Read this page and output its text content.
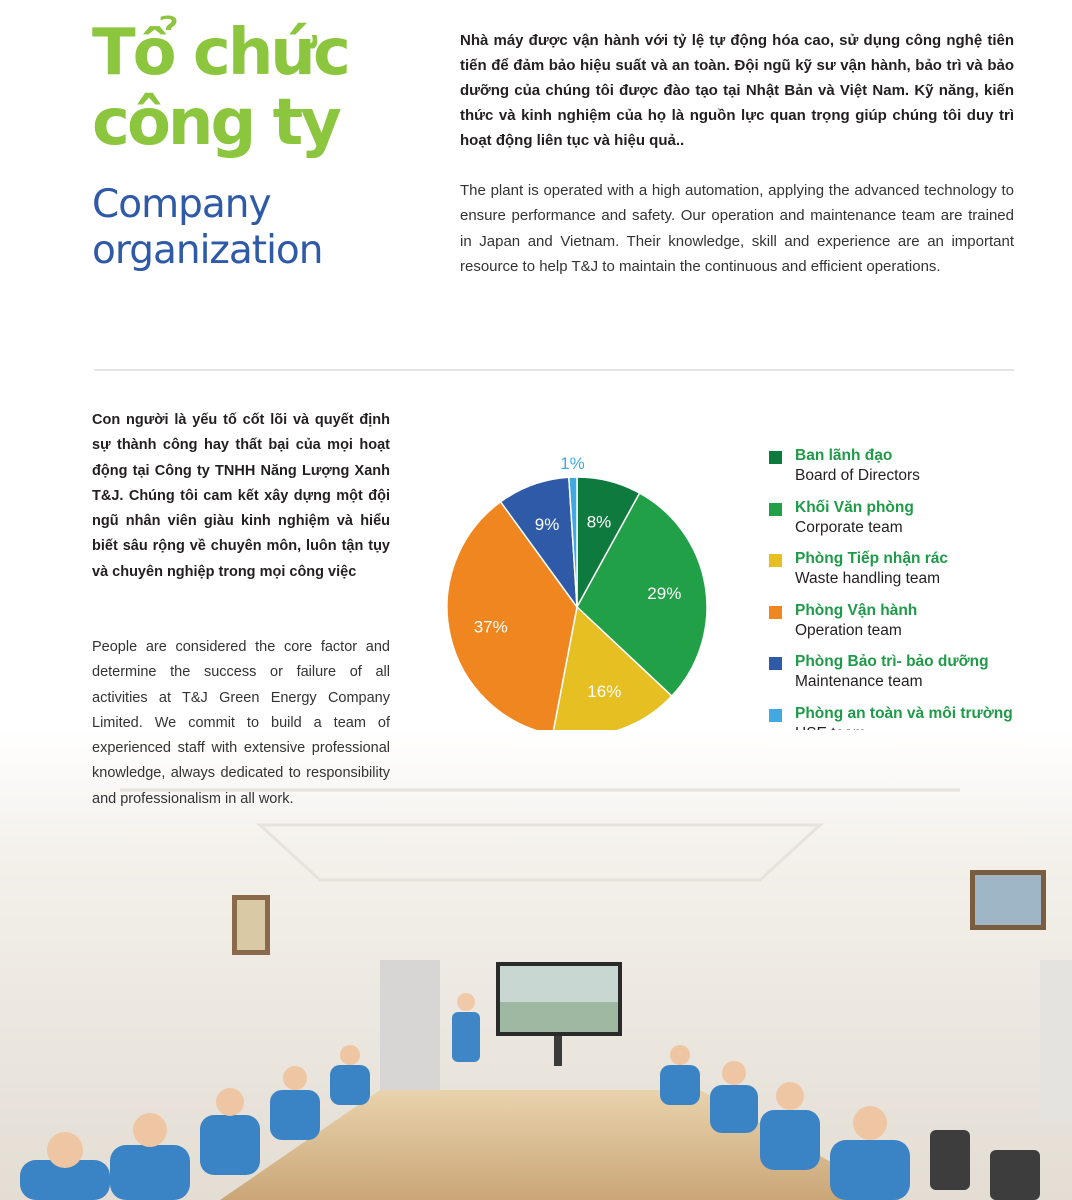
Tổ chức
công ty
Company
organization

Nhà máy được vận hành với tỷ lệ tự động hóa cao, sử dụng công nghệ tiên tiến để đảm bảo hiệu suất và an toàn. Đội ngũ kỹ sư vận hành, bảo trì và bảo dưỡng của chúng tôi được đào tạo tại Nhật Bản và Việt Nam. Kỹ năng, kiến thức và kinh nghiệm của họ là nguồn lực quan trọng giúp chúng tôi duy trì hoạt động liên tục và hiệu quả..

The plant is operated with a high automation, applying the advanced technology to ensure performance and safety. Our operation and maintenance team are trained in Japan and Vietnam. Their knowledge, skill and experience are an important resource to help T&J to maintain the continuous and efficient operations.

Con người là yếu tố cốt lõi và quyết định sự thành công hay thất bại của mọi hoạt động tại Công ty TNHH Năng Lượng Xanh T&J. Chúng tôi cam kết xây dựng một đội ngũ nhân viên giàu kinh nghiệm và hiểu biết sâu rộng về chuyên môn, luôn tận tụy và chuyên nghiệp trong mọi công việc

People are considered the core factor and determine the success or failure of all activities at T&J Green Energy Company Limited. We commit to build a team of experienced staff with extensive professional knowledge, always dedicated to responsibility and professionalism in all work.

8%
29%
16%
37%
9%
1%	Ban lãnh đạo
Board of Directors
Khối Văn phòng
Corporate team
Phòng Tiếp nhận rác
Waste handling team
Phòng Vận hành
Operation team
Phòng Bảo trì- bảo dưỡng
Maintenance team
Phòng an toàn và môi trường
